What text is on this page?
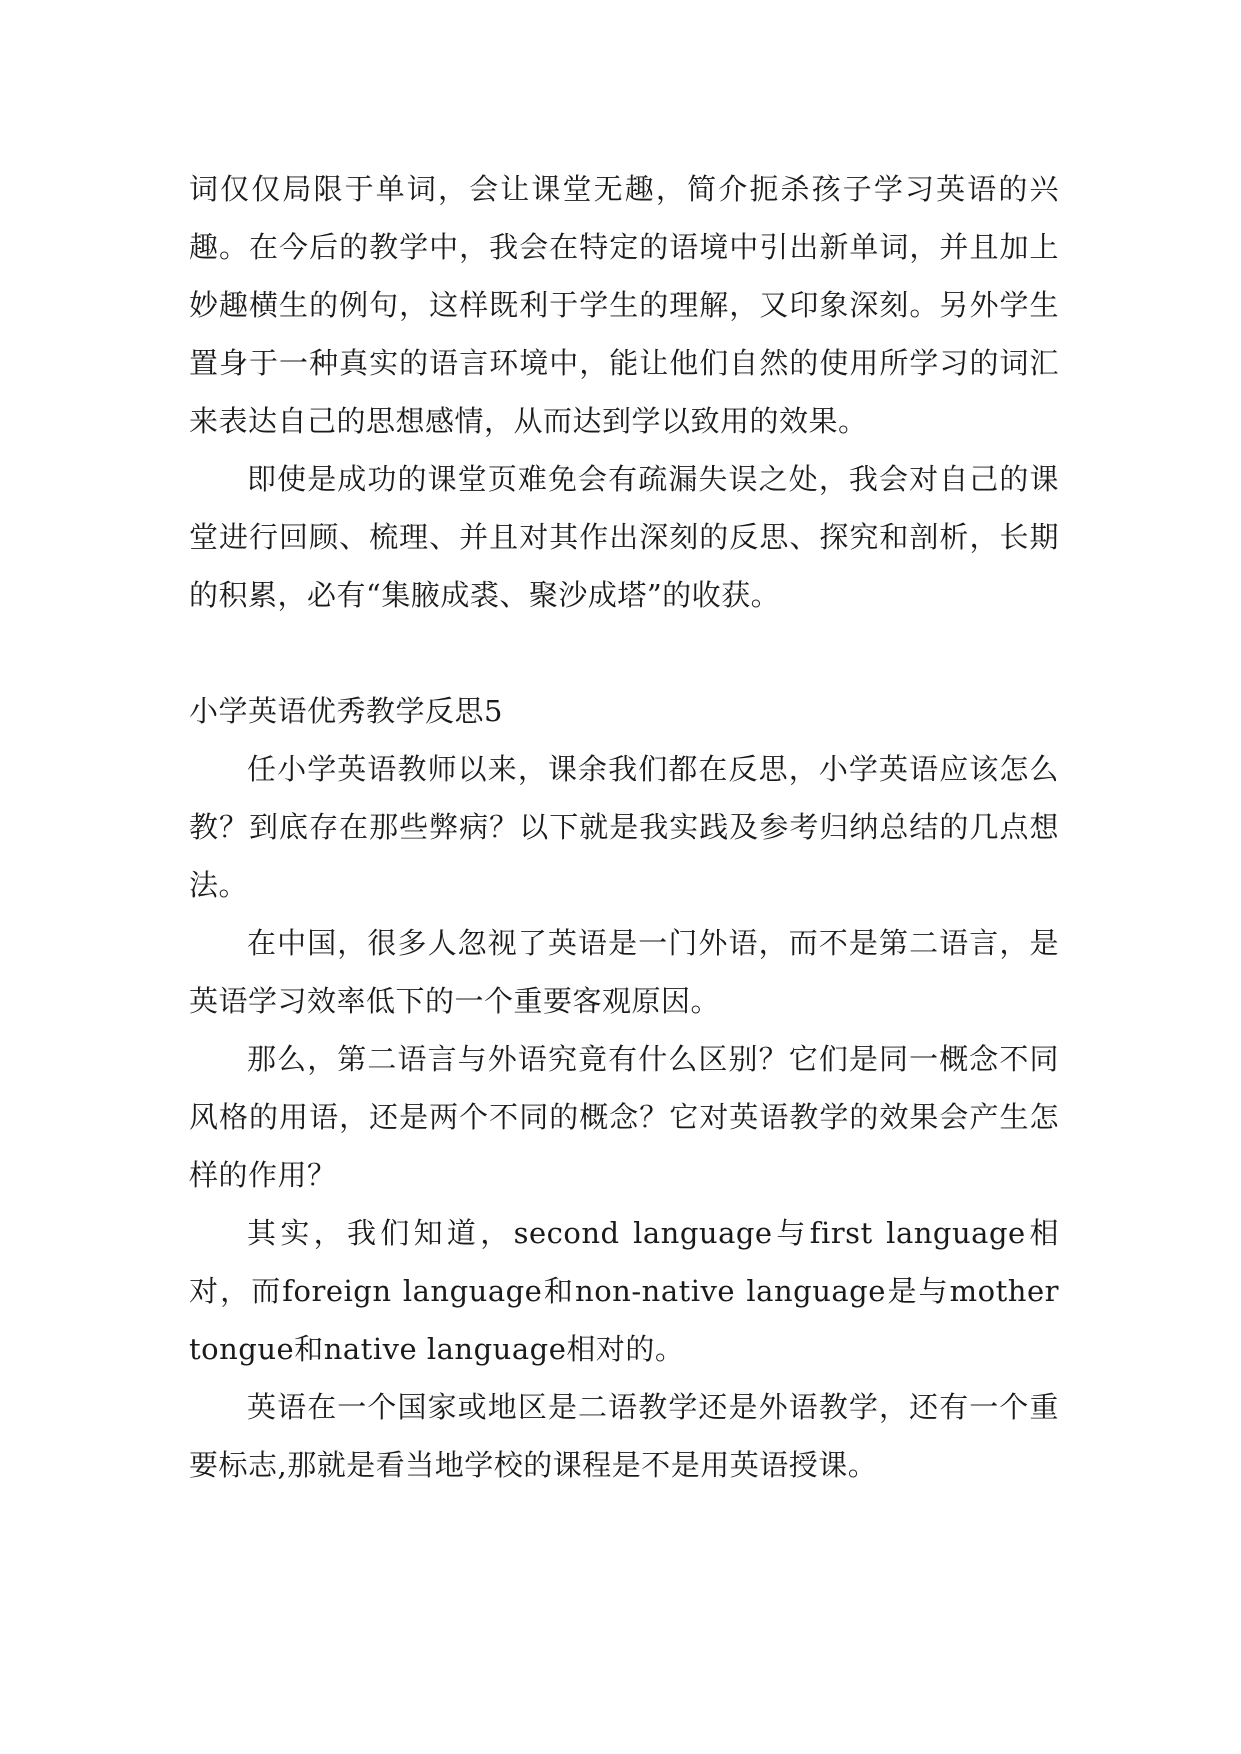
词仅仅局限于单词，会让课堂无趣，简介扼杀孩子学习英语的兴趣。在今后的教学中，我会在特定的语境中引出新单词，并且加上妙趣横生的例句，这样既利于学生的理解，又印象深刻。另外学生置身于一种真实的语言环境中，能让他们自然的使用所学习的词汇来表达自己的思想感情，从而达到学以致用的效果。

即使是成功的课堂页难免会有疏漏失误之处，我会对自己的课堂进行回顾、梳理、并且对其作出深刻的反思、探究和剖析，长期的积累，必有“集腋成裘、聚沙成塔”的收获。

小学英语优秀教学反思5

任小学英语教师以来，课余我们都在反思，小学英语应该怎么教？到底存在那些弊病？以下就是我实践及参考归纳总结的几点想法。

在中国，很多人忽视了英语是一门外语，而不是第二语言，是英语学习效率低下的一个重要客观原因。

那么，第二语言与外语究竟有什么区别？它们是同一概念不同风格的用语，还是两个不同的概念？它对英语教学的效果会产生怎样的作用？

其实，我们知道，second language与first language相对，而foreign language和non-native language是与mother tongue和native language相对的。

英语在一个国家或地区是二语教学还是外语教学，还有一个重要标志,那就是看当地学校的课程是不是用英语授课。
